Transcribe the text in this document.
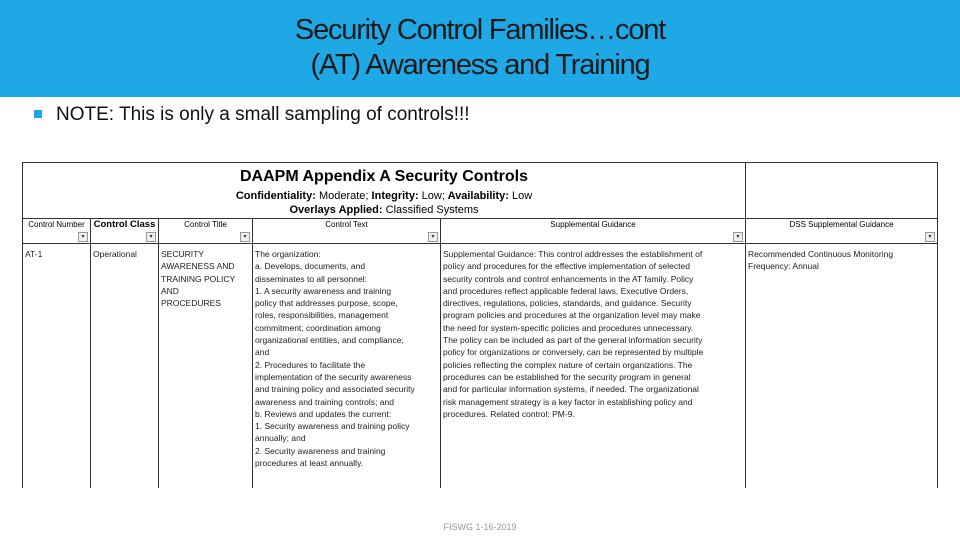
Security Control Families…cont
(AT) Awareness and Training
NOTE: This is only a small sampling of controls!!!
DAAPM Appendix A Security Controls
Confidentiality: Moderate; Integrity: Low; Availability: Low
Overlays Applied: Classified Systems
Control Number
▾
Control Class
▾
Control Title
▾
Control Text
▾
Supplemental Guidance
▾
DSS Supplemental Guidance
▾
AT-1	Operational	SECURITY
AWARENESS AND
TRAINING POLICY
AND
PROCEDURES
The organization:
a. Develops, documents, and
disseminates to all personnel:
1. A security awareness and training
policy that addresses purpose, scope,
roles, responsibilities, management
commitment, coordination among
organizational entities, and compliance;
and
2. Procedures to facilitate the
implementation of the security awareness
and training policy and associated security
awareness and training controls; and
b. Reviews and updates the current:
1. Security awareness and training policy
annually; and
2. Security awareness and training
procedures at least annually.
Supplemental Guidance: This control addresses the establishment of
policy and procedures for the effective implementation of selected
security controls and control enhancements in the AT family. Policy
and procedures reflect applicable federal laws, Executive Orders,
directives, regulations, policies, standards, and guidance. Security
program policies and procedures at the organization level may make
the need for system-specific policies and procedures unnecessary.
The policy can be included as part of the general information security
policy for organizations or conversely, can be represented by multiple
policies reflecting the complex nature of certain organizations. The
procedures can be established for the security program in general
and for particular information systems, if needed. The organizational
risk management strategy is a key factor in establishing policy and
procedures. Related control: PM-9.
Recommended Continuous Monitoring
Frequency: Annual
FISWG 1-16-2019
